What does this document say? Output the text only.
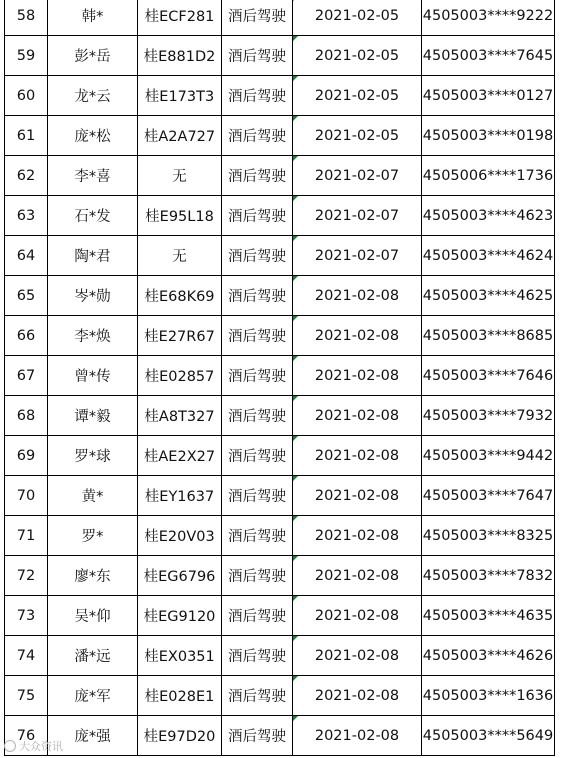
58	韩*	桂ECF281	酒后驾驶	2021-02-05	4505003****9222
59	彭*岳	桂E881D2	酒后驾驶	2021-02-05	4505003****7645
60	龙*云	桂E173T3	酒后驾驶	2021-02-05	4505003****0127
61	庞*松	桂A2A727	酒后驾驶	2021-02-05	4505003****0198
62	李*喜	无	酒后驾驶	2021-02-07	4505006****1736
63	石*发	桂E95L18	酒后驾驶	2021-02-07	4505003****4623
64	陶*君	无	酒后驾驶	2021-02-07	4505003****4624
65	岑*勋	桂E68K69	酒后驾驶	2021-02-08	4505003****4625
66	李*焕	桂E27R67	酒后驾驶	2021-02-08	4505003****8685
67	曾*传	桂E02857	酒后驾驶	2021-02-08	4505003****7646
68	谭*毅	桂A8T327	酒后驾驶	2021-02-08	4505003****7932
69	罗*球	桂AE2X27	酒后驾驶	2021-02-08	4505003****9442
70	黄*	桂EY1637	酒后驾驶	2021-02-08	4505003****7647
71	罗*	桂E20V03	酒后驾驶	2021-02-08	4505003****8325
72	廖*东	桂EG6796	酒后驾驶	2021-02-08	4505003****7832
73	吴*仰	桂EG9120	酒后驾驶	2021-02-08	4505003****4635
74	潘*远	桂EX0351	酒后驾驶	2021-02-08	4505003****4626
75	庞*军	桂E028E1	酒后驾驶	2021-02-08	4505003****1636
76	庞*强	桂E97D20	酒后驾驶	2021-02-08	4505003****5649
大众资讯
